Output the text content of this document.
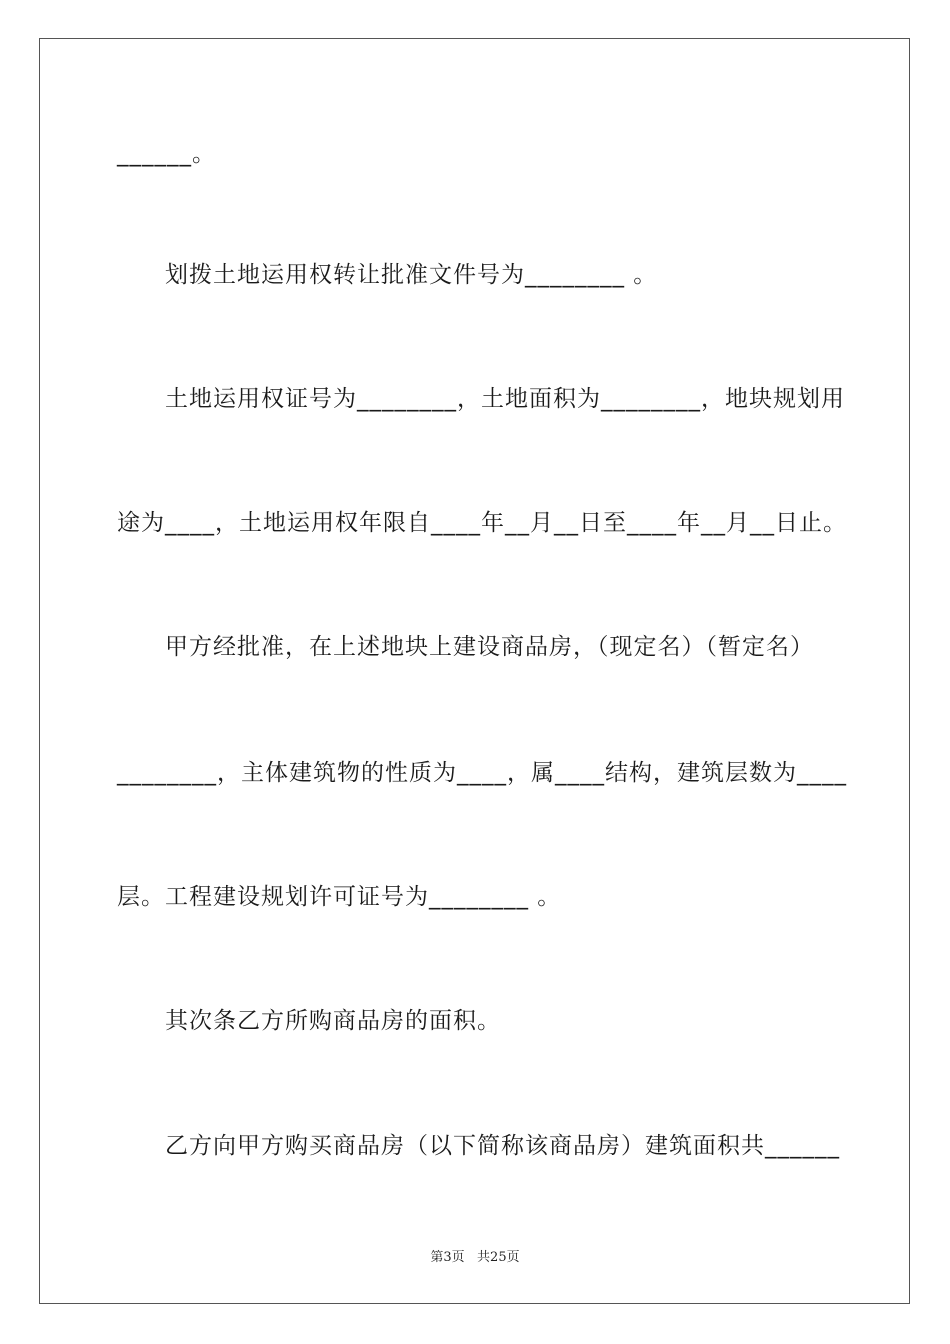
______。
划拨土地运用权转让批准文件号为________ 。
土地运用权证号为________，土地面积为________，地块规划用
途为____，土地运用权年限自____年__月__日至____年__月__日止。
甲方经批准，在上述地块上建设商品房，（现定名）（暂定名）
________，主体建筑物的性质为____，属____结构，建筑层数为____
层。工程建设规划许可证号为________ 。
其次条乙方所购商品房的面积。
乙方向甲方购买商品房（以下简称该商品房）建筑面积共______
第3页   共25页
